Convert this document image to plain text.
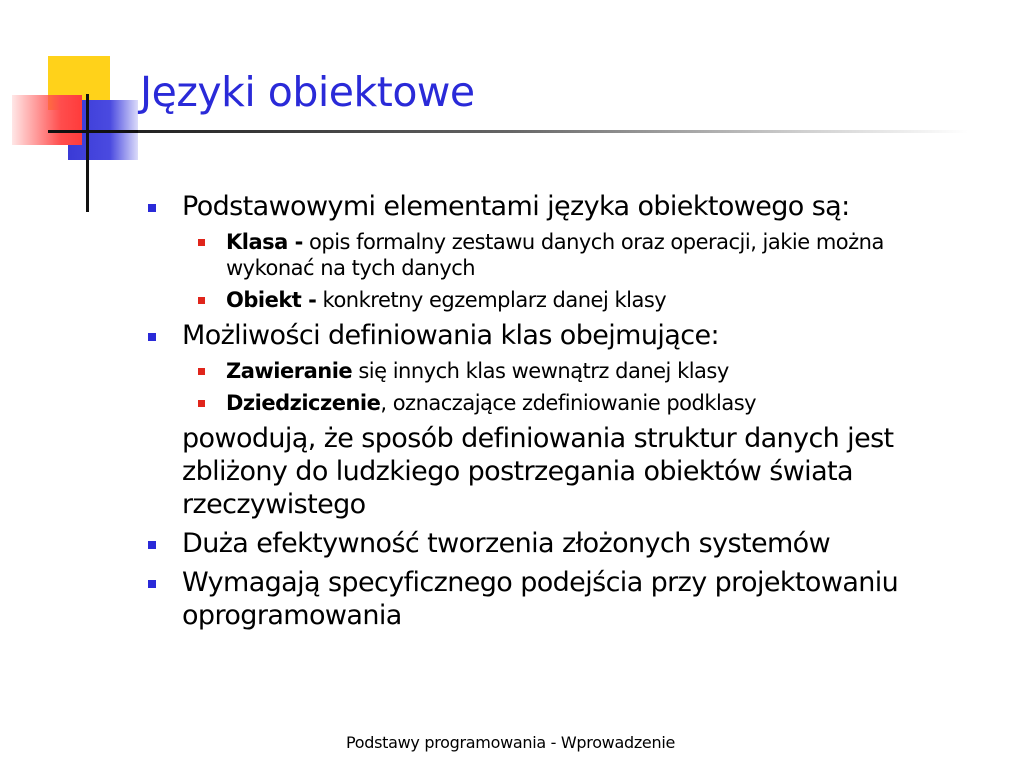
Języki obiektowe
Podstawowymi elementami języka obiektowego są:
Klasa - opis formalny zestawu danych oraz operacji, jakie można wykonać na tych danych
Obiekt - konkretny egzemplarz danej klasy
Możliwości definiowania klas obejmujące:
Zawieranie się innych klas wewnątrz danej klasy
Dziedziczenie, oznaczające zdefiniowanie podklasy
powodują, że sposób definiowania struktur danych jest zbliżony do ludzkiego postrzegania obiektów świata rzeczywistego
Duża efektywność tworzenia złożonych systemów
Wymagają specyficznego podejścia przy projektowaniu oprogramowania
Podstawy programowania - Wprowadzenie
